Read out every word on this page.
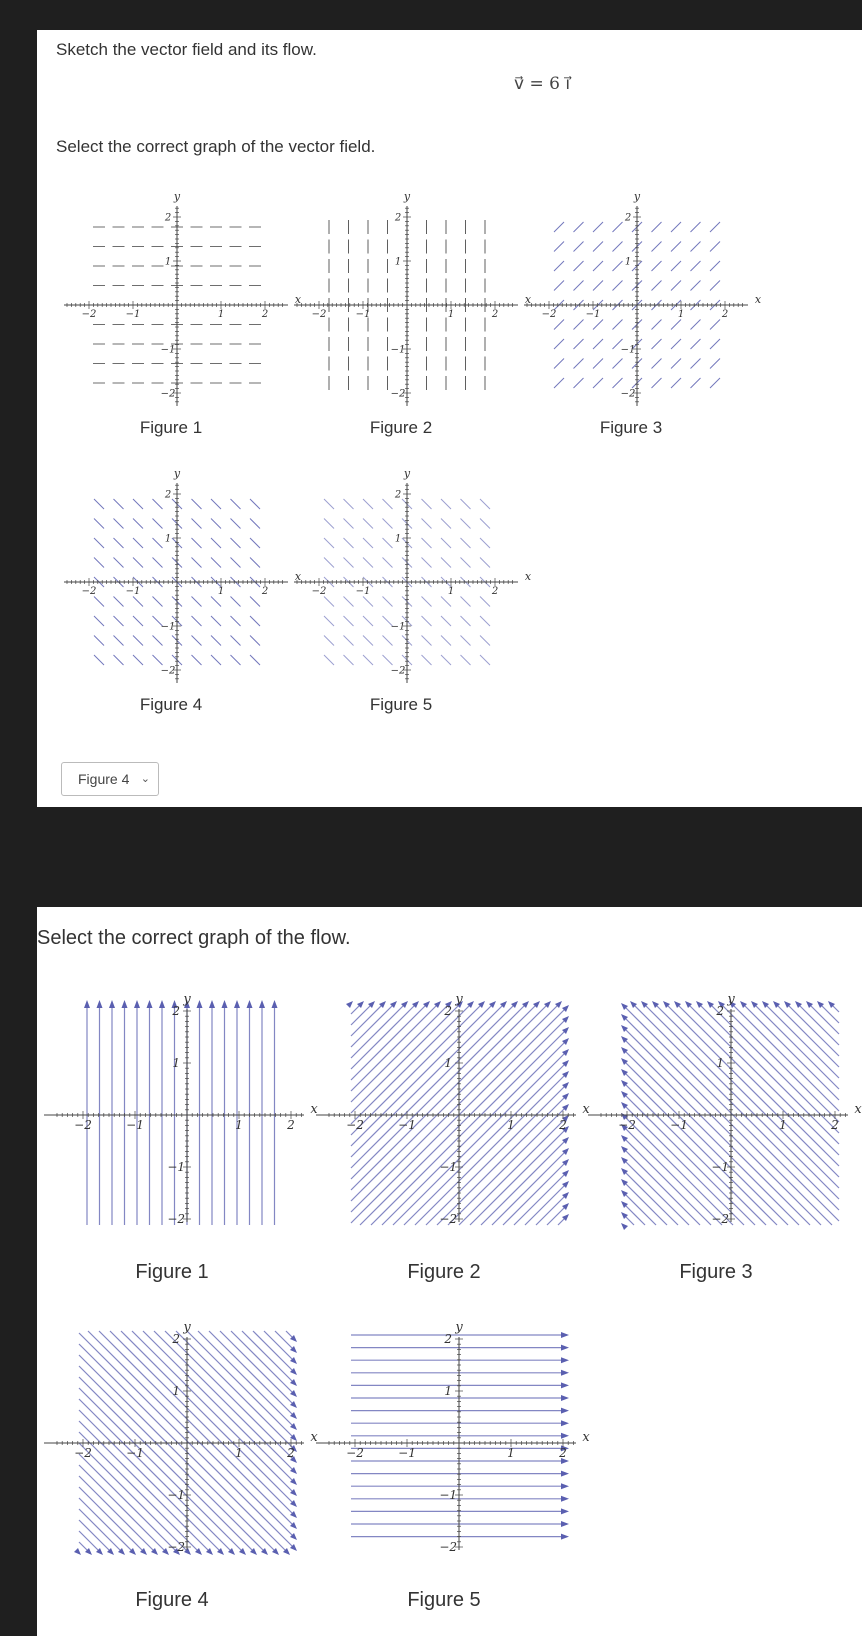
Sketch the vector field and its flow.
v⃗ = 6 i⃗
Select the correct graph of the vector field.
−2
−2
−1
−1
1
1
2
2
x
y
−2
−2
−1
−1
1
1
2
2
x
y
−2
−2
−1
−1
1
1
2
2
x
y
−2
−2
−1
−1
1
1
2
2
x
y
−2
−2
−1
−1
1
1
2
2
x
y
Figure 1	Figure 2	Figure 3
Figure 4	Figure 5
Figure 4 ⌄
Select the correct graph of the flow.
−2
−2
−1
−1
1
1
2
2
x
y
−2
−2
−1
−1
1
1
2
2
x
y
−2
−2
−1
−1
1
1
2
2
x
y
−2
−2
−1
−1
1
1
2
2
x
y
−2
−2
−1
−1
1
1
2
2
x
y
Figure 1	Figure 2	Figure 3
Figure 4	Figure 5
